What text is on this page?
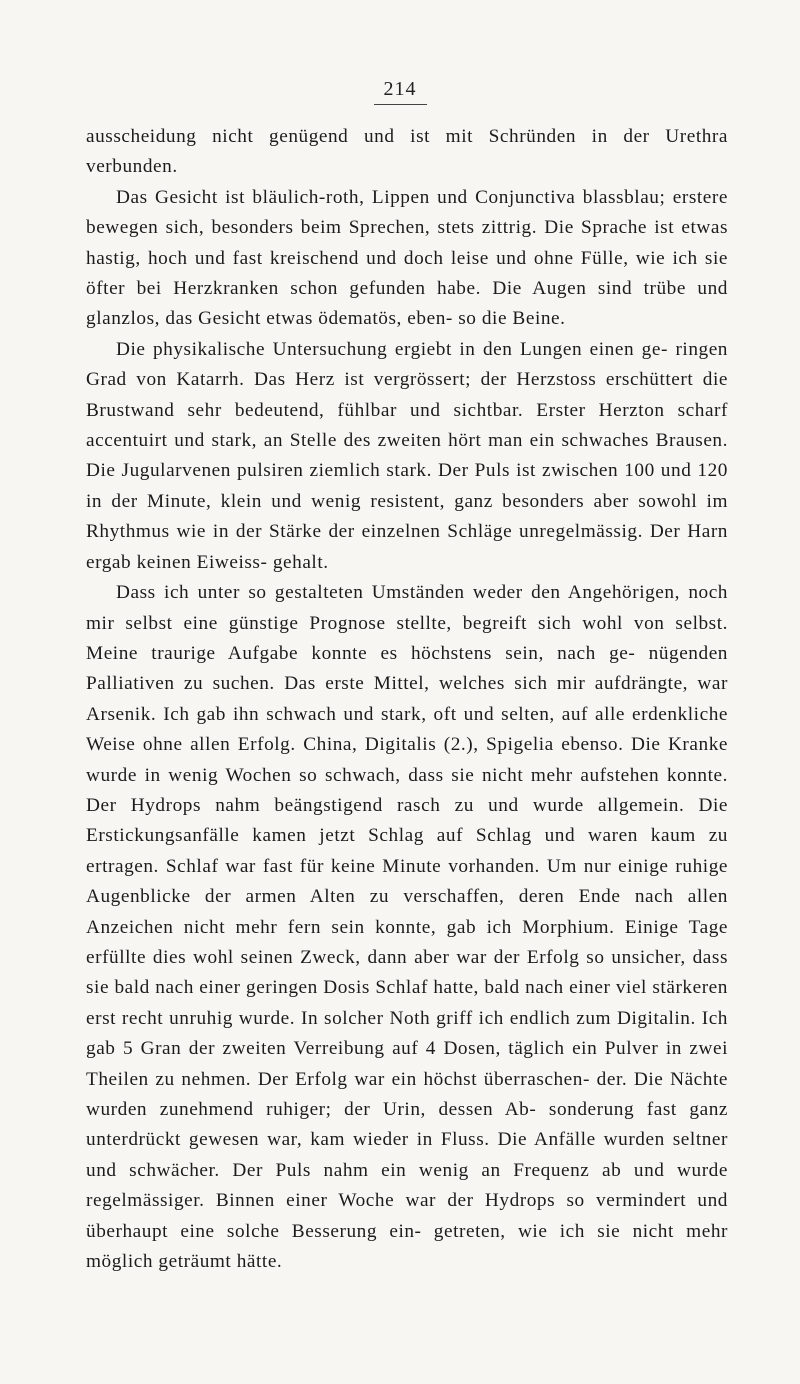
214

ausscheidung nicht genügend und ist mit Schründen in der Urethra verbunden.

Das Gesicht ist bläulich-roth, Lippen und Conjunctiva blassblau; erstere bewegen sich, besonders beim Sprechen, stets zittrig. Die Sprache ist etwas hastig, hoch und fast kreischend und doch leise und ohne Fülle, wie ich sie öfter bei Herzkranken schon gefunden habe. Die Augen sind trübe und glanzlos, das Gesicht etwas ödematös, eben- so die Beine.

Die physikalische Untersuchung ergiebt in den Lungen einen ge- ringen Grad von Katarrh. Das Herz ist vergrössert; der Herzstoss erschüttert die Brustwand sehr bedeutend, fühlbar und sichtbar. Erster Herzton scharf accentuirt und stark, an Stelle des zweiten hört man ein schwaches Brausen. Die Jugularvenen pulsiren ziemlich stark. Der Puls ist zwischen 100 und 120 in der Minute, klein und wenig resistent, ganz besonders aber sowohl im Rhythmus wie in der Stärke der einzelnen Schläge unregelmässig. Der Harn ergab keinen Eiweiss- gehalt.

Dass ich unter so gestalteten Umständen weder den Angehörigen, noch mir selbst eine günstige Prognose stellte, begreift sich wohl von selbst. Meine traurige Aufgabe konnte es höchstens sein, nach ge- nügenden Palliativen zu suchen. Das erste Mittel, welches sich mir aufdrängte, war Arsenik. Ich gab ihn schwach und stark, oft und selten, auf alle erdenkliche Weise ohne allen Erfolg. China, Digitalis (2.), Spigelia ebenso. Die Kranke wurde in wenig Wochen so schwach, dass sie nicht mehr aufstehen konnte. Der Hydrops nahm beängstigend rasch zu und wurde allgemein. Die Erstickungsanfälle kamen jetzt Schlag auf Schlag und waren kaum zu ertragen. Schlaf war fast für keine Minute vorhanden. Um nur einige ruhige Augenblicke der armen Alten zu verschaffen, deren Ende nach allen Anzeichen nicht mehr fern sein konnte, gab ich Morphium. Einige Tage erfüllte dies wohl seinen Zweck, dann aber war der Erfolg so unsicher, dass sie bald nach einer geringen Dosis Schlaf hatte, bald nach einer viel stärkeren erst recht unruhig wurde. In solcher Noth griff ich endlich zum Digitalin. Ich gab 5 Gran der zweiten Verreibung auf 4 Dosen, täglich ein Pulver in zwei Theilen zu nehmen. Der Erfolg war ein höchst überraschen- der. Die Nächte wurden zunehmend ruhiger; der Urin, dessen Ab- sonderung fast ganz unterdrückt gewesen war, kam wieder in Fluss. Die Anfälle wurden seltner und schwächer. Der Puls nahm ein wenig an Frequenz ab und wurde regelmässiger. Binnen einer Woche war der Hydrops so vermindert und überhaupt eine solche Besserung ein- getreten, wie ich sie nicht mehr möglich geträumt hätte.
